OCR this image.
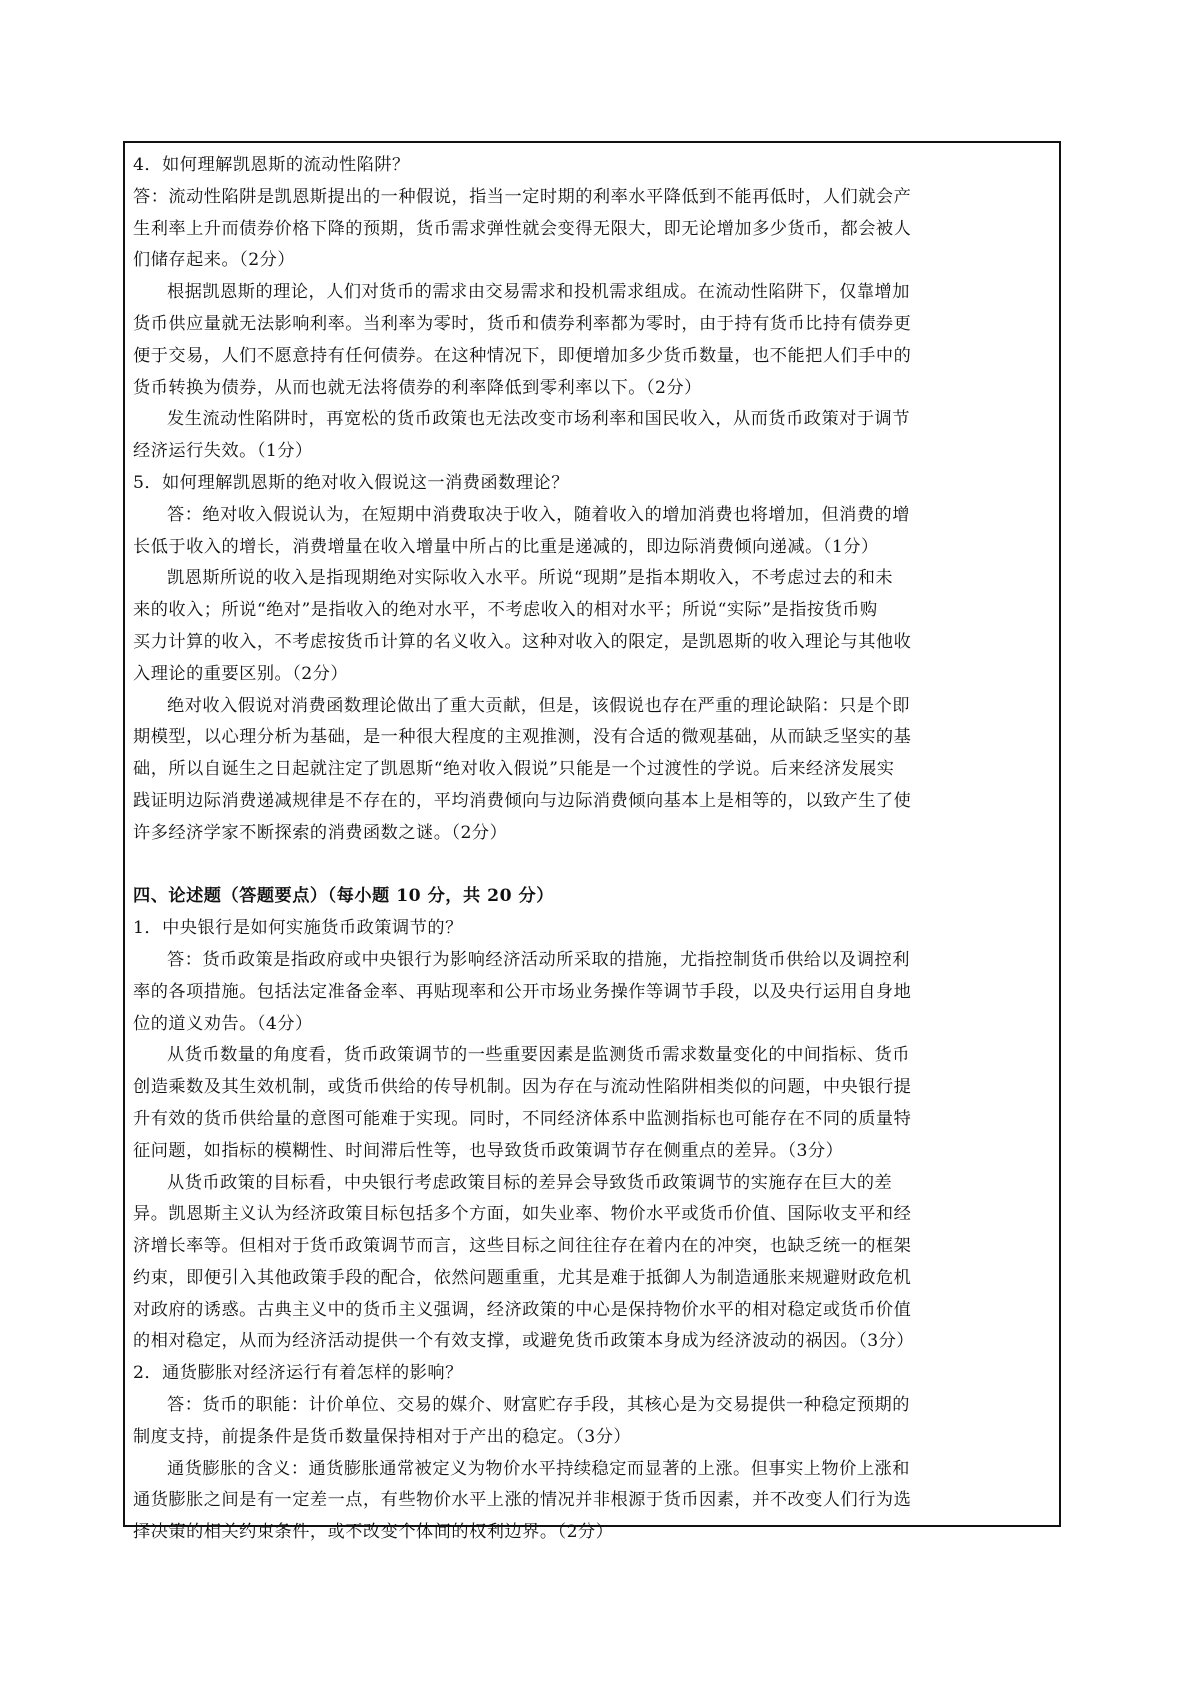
4．如何理解凯恩斯的流动性陷阱？

答：流动性陷阱是凯恩斯提出的一种假说，指当一定时期的利率水平降低到不能再低时，人们就会产

生利率上升而债券价格下降的预期，货币需求弹性就会变得无限大，即无论增加多少货币，都会被人

们储存起来。（2分）

根据凯恩斯的理论，人们对货币的需求由交易需求和投机需求组成。在流动性陷阱下，仅靠增加

货币供应量就无法影响利率。当利率为零时，货币和债券利率都为零时，由于持有货币比持有债券更

便于交易，人们不愿意持有任何债券。在这种情况下，即便增加多少货币数量，也不能把人们手中的

货币转换为债券，从而也就无法将债券的利率降低到零利率以下。（2分）

发生流动性陷阱时，再宽松的货币政策也无法改变市场利率和国民收入，从而货币政策对于调节

经济运行失效。（1分）

5．如何理解凯恩斯的绝对收入假说这一消费函数理论？

答：绝对收入假说认为，在短期中消费取决于收入，随着收入的增加消费也将增加，但消费的增

长低于收入的增长，消费增量在收入增量中所占的比重是递减的，即边际消费倾向递减。（1分）

凯恩斯所说的收入是指现期绝对实际收入水平。所说“现期”是指本期收入，不考虑过去的和未

来的收入；所说“绝对”是指收入的绝对水平，不考虑收入的相对水平；所说“实际”是指按货币购

买力计算的收入，不考虑按货币计算的名义收入。这种对收入的限定，是凯恩斯的收入理论与其他收

入理论的重要区别。（2分）

绝对收入假说对消费函数理论做出了重大贡献，但是，该假说也存在严重的理论缺陷：只是个即

期模型，以心理分析为基础，是一种很大程度的主观推测，没有合适的微观基础，从而缺乏坚实的基

础，所以自诞生之日起就注定了凯恩斯“绝对收入假说”只能是一个过渡性的学说。后来经济发展实

践证明边际消费递减规律是不存在的，平均消费倾向与边际消费倾向基本上是相等的，以致产生了使

许多经济学家不断探索的消费函数之谜。（2分）

四、论述题（答题要点）（每小题 10 分，共 20 分）

1．中央银行是如何实施货币政策调节的？

答：货币政策是指政府或中央银行为影响经济活动所采取的措施，尤指控制货币供给以及调控利

率的各项措施。包括法定准备金率、再贴现率和公开市场业务操作等调节手段，以及央行运用自身地

位的道义劝告。（4分）

从货币数量的角度看，货币政策调节的一些重要因素是监测货币需求数量变化的中间指标、货币

创造乘数及其生效机制，或货币供给的传导机制。因为存在与流动性陷阱相类似的问题，中央银行提

升有效的货币供给量的意图可能难于实现。同时，不同经济体系中监测指标也可能存在不同的质量特

征问题，如指标的模糊性、时间滞后性等，也导致货币政策调节存在侧重点的差异。（3分）

从货币政策的目标看，中央银行考虑政策目标的差异会导致货币政策调节的实施存在巨大的差

异。凯恩斯主义认为经济政策目标包括多个方面，如失业率、物价水平或货币价值、国际收支平和经

济增长率等。但相对于货币政策调节而言，这些目标之间往往存在着内在的冲突，也缺乏统一的框架

约束，即便引入其他政策手段的配合，依然问题重重，尤其是难于抵御人为制造通胀来规避财政危机

对政府的诱惑。古典主义中的货币主义强调，经济政策的中心是保持物价水平的相对稳定或货币价值

的相对稳定，从而为经济活动提供一个有效支撑，或避免货币政策本身成为经济波动的祸因。（3分）

2．通货膨胀对经济运行有着怎样的影响？

答：货币的职能：计价单位、交易的媒介、财富贮存手段，其核心是为交易提供一种稳定预期的

制度支持，前提条件是货币数量保持相对于产出的稳定。（3分）

通货膨胀的含义：通货膨胀通常被定义为物价水平持续稳定而显著的上涨。但事实上物价上涨和

通货膨胀之间是有一定差一点，有些物价水平上涨的情况并非根源于货币因素，并不改变人们行为选

择决策的相关约束条件，或不改变个体间的权利边界。（2分）
